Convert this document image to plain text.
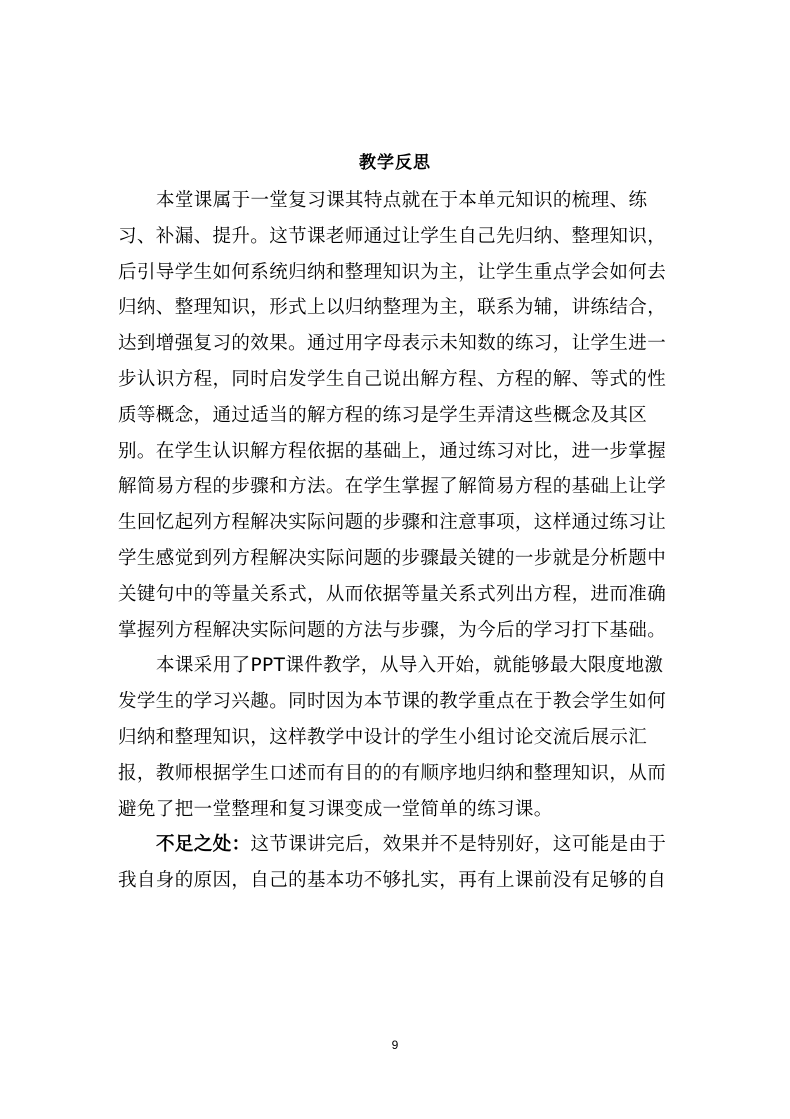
教学反思
本堂课属于一堂复习课其特点就在于本单元知识的梳理、练
习、补漏、提升。这节课老师通过让学生自己先归纳、整理知识，
后引导学生如何系统归纳和整理知识为主，让学生重点学会如何去
归纳、整理知识，形式上以归纳整理为主，联系为辅，讲练结合，
达到增强复习的效果。通过用字母表示未知数的练习，让学生进一
步认识方程，同时启发学生自己说出解方程、方程的解、等式的性
质等概念，通过适当的解方程的练习是学生弄清这些概念及其区
别。在学生认识解方程依据的基础上，通过练习对比，进一步掌握
解简易方程的步骤和方法。在学生掌握了解简易方程的基础上让学
生回忆起列方程解决实际问题的步骤和注意事项，这样通过练习让
学生感觉到列方程解决实际问题的步骤最关键的一步就是分析题中
关键句中的等量关系式，从而依据等量关系式列出方程，进而准确
掌握列方程解决实际问题的方法与步骤，为今后的学习打下基础。
本课采用了PPT课件教学，从导入开始，就能够最大限度地激
发学生的学习兴趣。同时因为本节课的教学重点在于教会学生如何
归纳和整理知识，这样教学中设计的学生小组讨论交流后展示汇
报，教师根据学生口述而有目的的有顺序地归纳和整理知识，从而
避免了把一堂整理和复习课变成一堂简单的练习课。
不足之处：这节课讲完后，效果并不是特别好，这可能是由于
我自身的原因，自己的基本功不够扎实，再有上课前没有足够的自
9
